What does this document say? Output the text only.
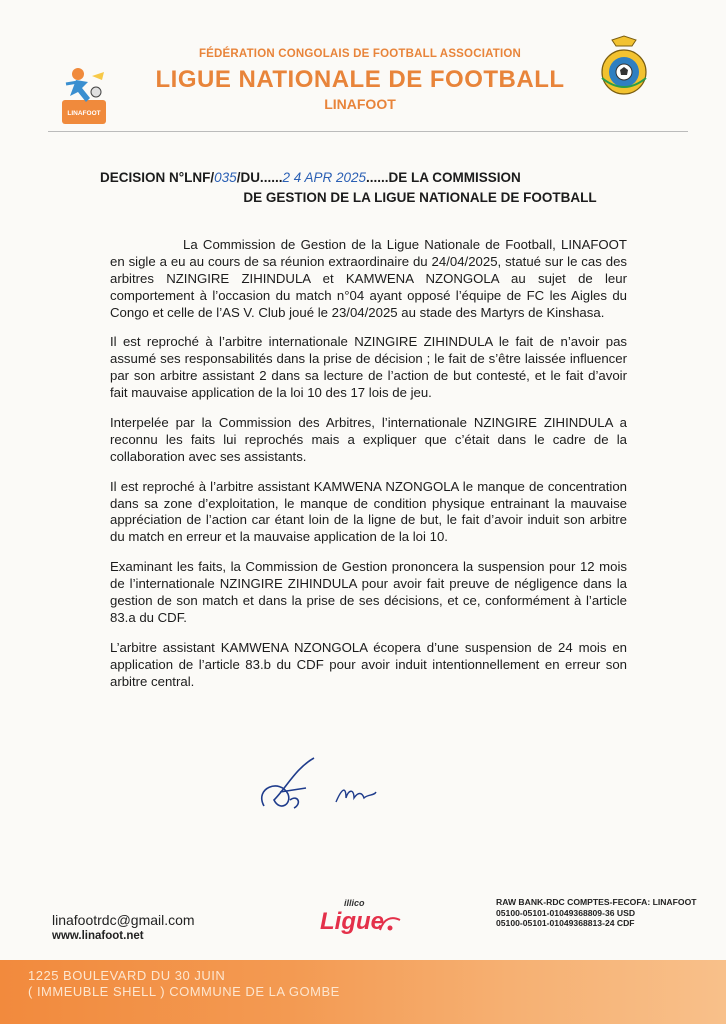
LINAFOOT
FÉDÉRATION CONGOLAIS DE FOOTBALL ASSOCIATION
LIGUE NATIONALE DE FOOTBALL
LINAFOOT
DECISION N°LNF/035/DU......2 4 APR 2025......DE LA COMMISSION
DE GESTION DE LA LIGUE NATIONALE DE FOOTBALL

La Commission de Gestion de la Ligue Nationale de Football, LINAFOOT en sigle a eu au cours de sa réunion extraordinaire du 24/04/2025, statué sur le cas des arbitres NZINGIRE ZIHINDULA et KAMWENA NZONGOLA au sujet de leur comportement à l’occasion du match n°04 ayant opposé l’équipe de FC les Aigles du Congo et celle de l’AS V. Club joué le 23/04/2025 au stade des Martyrs de Kinshasa.

Il est reproché à l’arbitre internationale NZINGIRE ZIHINDULA le fait de n’avoir pas assumé ses responsabilités dans la prise de décision ; le fait de s’être laissée influencer par son arbitre assistant 2 dans sa lecture de l’action de but contesté, et le fait d’avoir fait mauvaise application de la loi 10 des 17 lois de jeu.

Interpelée par la Commission des Arbitres, l’internationale NZINGIRE ZIHINDULA a reconnu les faits lui reprochés mais a expliquer que c’était dans le cadre de la collaboration avec ses assistants.

Il est reproché à l’arbitre assistant KAMWENA NZONGOLA le manque de concentration dans sa zone d’exploitation, le manque de condition physique entrainant la mauvaise appréciation de l’action car étant loin de la ligne de but, le fait d’avoir induit son arbitre du match en erreur et la mauvaise application de la loi 10.

Examinant les faits, la Commission de Gestion prononcera la suspension pour 12 mois de l’internationale NZINGIRE ZIHINDULA pour avoir fait preuve de négligence dans la gestion de son match et dans la prise de ses décisions, et ce, conformément à l’article 83.a du CDF.

L’arbitre assistant KAMWENA NZONGOLA écopera d’une suspension de 24 mois en application de l’article 83.b du CDF pour avoir induit intentionnellement en erreur son arbitre central.

linafootrdc@gmail.com
www.linafoot.net
illico
Ligue
RAW BANK-RDC COMPTES-FECOFA: LINAFOOT
05100-05101-01049368809-36 USD
05100-05101-01049368813-24 CDF
1225 BOULEVARD DU 30 JUIN
( IMMEUBLE SHELL ) COMMUNE DE LA GOMBE
